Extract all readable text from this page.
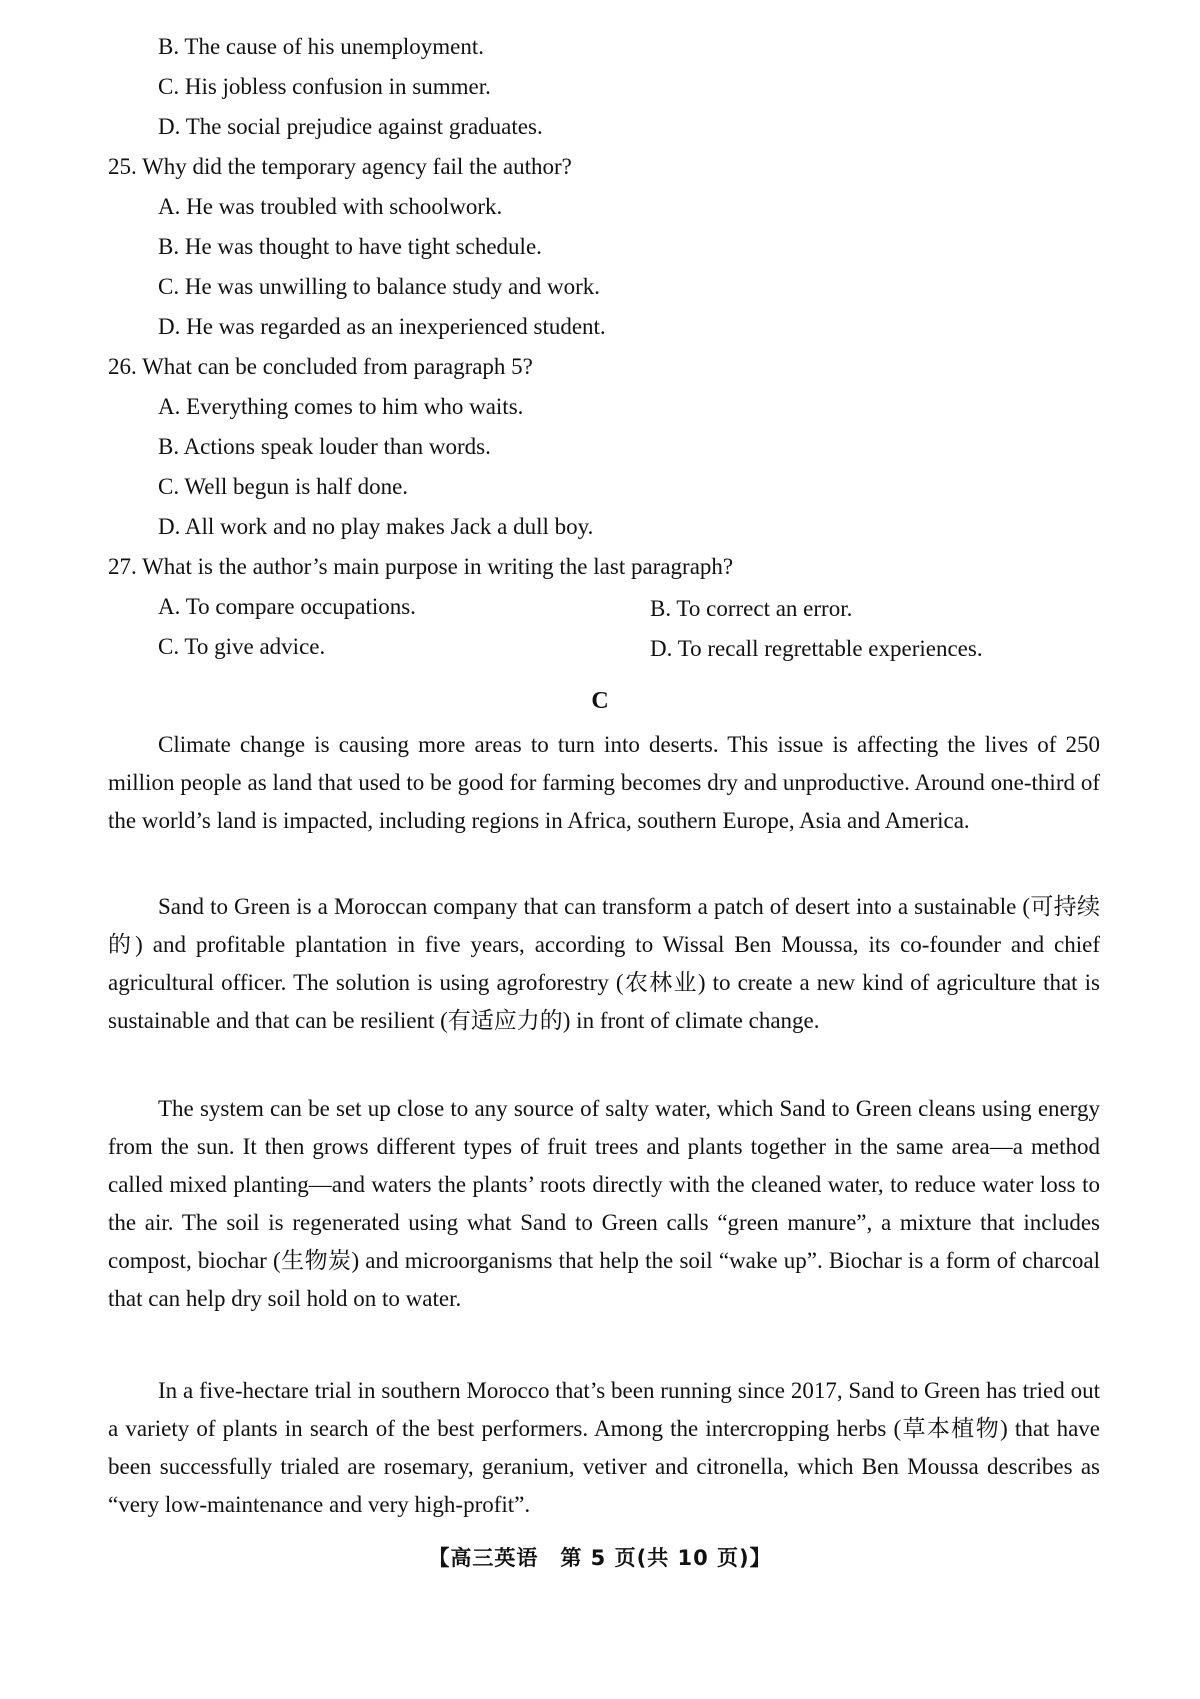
B. The cause of his unemployment.
C. His jobless confusion in summer.
D. The social prejudice against graduates.
25. Why did the temporary agency fail the author?
A. He was troubled with schoolwork.
B. He was thought to have tight schedule.
C. He was unwilling to balance study and work.
D. He was regarded as an inexperienced student.
26. What can be concluded from paragraph 5?
A. Everything comes to him who waits.
B. Actions speak louder than words.
C. Well begun is half done.
D. All work and no play makes Jack a dull boy.
27. What is the author’s main purpose in writing the last paragraph?
A. To compare occupations.	B. To correct an error.
C. To give advice.	D. To recall regrettable experiences.
C
Climate change is causing more areas to turn into deserts. This issue is affecting the lives of 250 million people as land that used to be good for farming becomes dry and unproductive. Around one-third of the world’s land is impacted, including regions in Africa, southern Europe, Asia and America.
Sand to Green is a Moroccan company that can transform a patch of desert into a sustainable (可持续的) and profitable plantation in five years, according to Wissal Ben Moussa, its co-founder and chief agricultural officer. The solution is using agroforestry (农林业) to create a new kind of agriculture that is sustainable and that can be resilient (有适应力的) in front of climate change.
The system can be set up close to any source of salty water, which Sand to Green cleans using energy from the sun. It then grows different types of fruit trees and plants together in the same area—a method called mixed planting—and waters the plants’ roots directly with the cleaned water, to reduce water loss to the air. The soil is regenerated using what Sand to Green calls “green manure”, a mixture that includes compost, biochar (生物炭) and microorganisms that help the soil “wake up”. Biochar is a form of charcoal that can help dry soil hold on to water.
In a five-hectare trial in southern Morocco that’s been running since 2017, Sand to Green has tried out a variety of plants in search of the best performers. Among the intercropping herbs (草本植物) that have been successfully trialed are rosemary, geranium, vetiver and citronella, which Ben Moussa describes as “very low-maintenance and very high-profit”.
【高三英语　第 5 页(共 10 页)】
